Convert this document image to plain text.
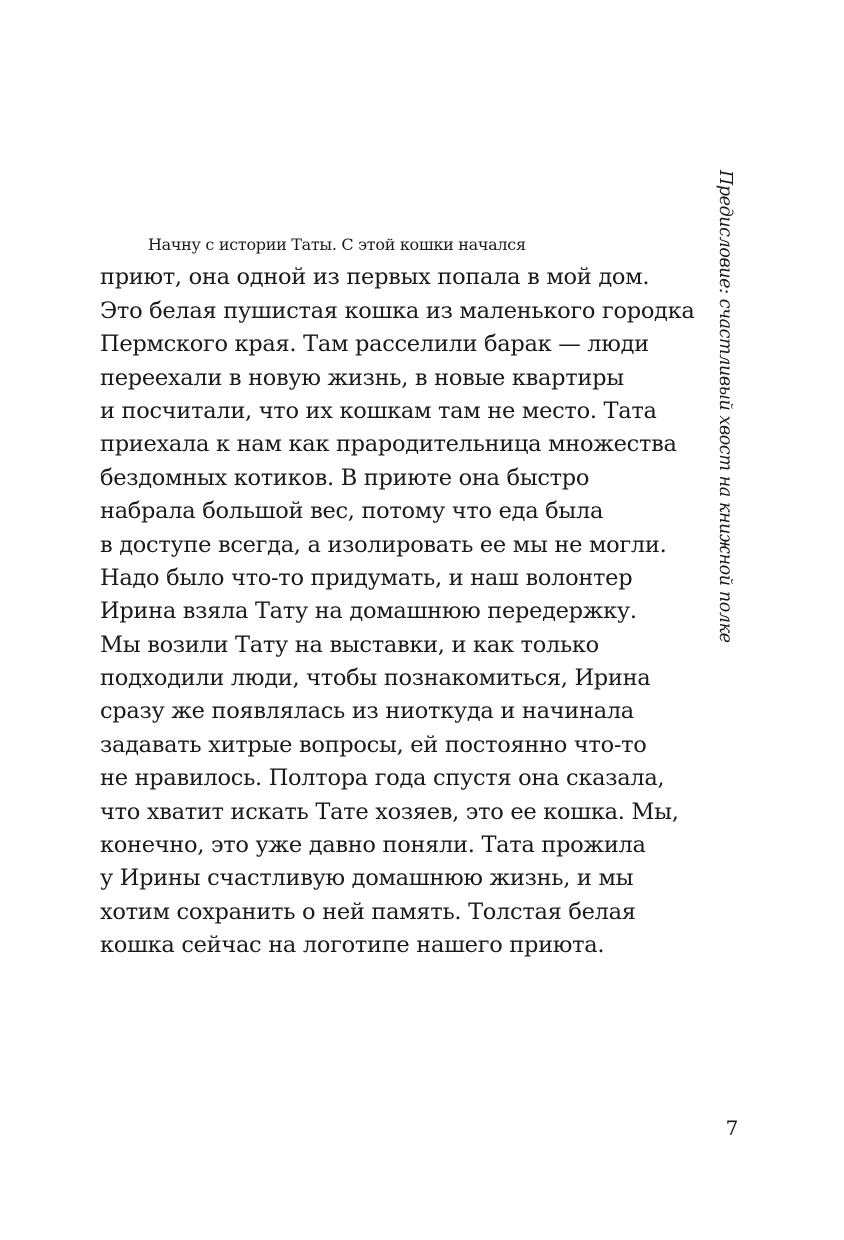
Начну с истории Таты. С этой кошки начался
приют, она одной из первых попала в мой дом.
Это белая пушистая кошка из маленького городка
Пермского края. Там расселили барак — люди
переехали в новую жизнь, в новые квартиры
и посчитали, что их кошкам там не место. Тата
приехала к нам как прародительница множества
бездомных котиков. В приюте она быстро
набрала большой вес, потому что еда была
в доступе всегда, а изолировать ее мы не могли.
Надо было что-то придумать, и наш волонтер
Ирина взяла Тату на домашнюю передержку.
Мы возили Тату на выставки, и как только
подходили люди, чтобы познакомиться, Ирина
сразу же появлялась из ниоткуда и начинала
задавать хитрые вопросы, ей постоянно что-то
не нравилось. Полтора года спустя она сказала,
что хватит искать Тате хозяев, это ее кошка. Мы,
конечно, это уже давно поняли. Тата прожила
у Ирины счастливую домашнюю жизнь, и мы
хотим сохранить о ней память. Толстая белая
кошка сейчас на логотипе нашего приюта.
Предисловие: счастливый хвост на книжной полке
7
